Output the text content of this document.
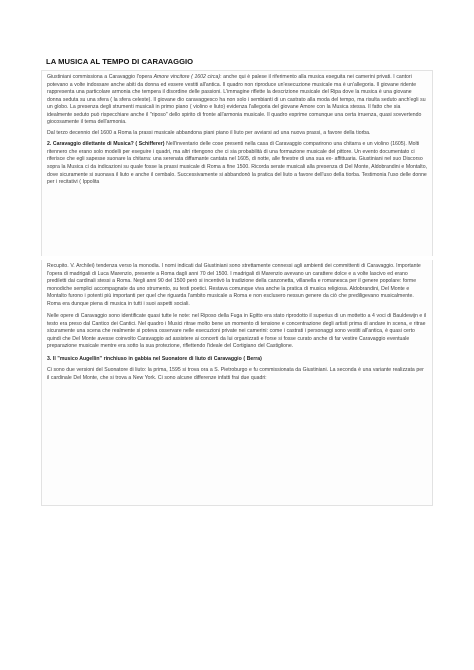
LA MUSICA AL TEMPO DI CARAVAGGIO

Giustiniani commissiona a Caravaggio l'opera Amore vincitore ( 1602 circa): anche qui è palese il riferimento alla musica eseguita nei camerini privati. I cantori potevano a volte indossare anche abiti da donna ed essere vestiti all'antica. Il quadro non riproduce un'esecuzione musicale ma è un'allegoria. Il giovane ridente rappresenta una particolare armonia che tempera il disordine delle passioni. L'immagine riflette la descrizione musicale del Ripa dove la musica è una giovane donna seduta su una sfera ( la sfera celeste). Il giovane dio caravaggesco ha non solo i sembianti di un castrato alla moda del tempo, ma risulta seduto anch'egli su un globo. La presenza degli strumenti musicali in primo piano ( violino e liuto) evidenza l'allegoria del giovane Amore con la Musica stessa. Il fatto che sia idealmente seduto può rispecchiare anche il "riposo" dello spirito di fronte all'armonia musicale. Il quadro esprime comunque una certa irruenza, quasi sovvertendo giocosamente il tema dell'armonia.

Dal terzo decennio del 1600 a Roma la prassi musicale abbandona piani piano il liuto per avviarsi ad una nuova prassi, a favore della tiorba.

2. Caravaggio dilettante di Musica? ( Schifferer) Nell'inventario delle cose presenti nella casa di Caravaggio comparirono una chitarra e un violino (1605). Molti ritennero che erano solo modelli per eseguire i quadri, ma altri ritengono che ci sia probabilità di una formazione musicale del pittore. Un evento documentato ci riferisce che egli sapesse suonare la chitarra: una serenata diffamante cantata nel 1605, di notte, alle finestre di una sua ex- affittuaria. Giustiniani nel suo Discorso sopra la Musica ci da indicazioni su quale fosse la prassi musicale di Roma a fine 1500. Ricorda serate musicali alla presenza di Del Monte, Aldobrandini e Montalto, dove sicuramente si suonava il liuto e anche il cembalo. Successivamente si abbandonò la pratica del liuto a favore dell'uso della tiorba. Testimonia l'uso delle donne per i recitativi ( Ippolita

Recupito. V. Archilei) tendenza verso la monodia. I nomi indicati dal Giustiniani sono strettamente connessi agli ambienti dei committenti di Caravaggio. Importante l'opera di madrigali di Luca Marenzio, presente a Roma dagli anni 70 del 1500. I madrigali di Marenzio avevano un carattere dolce e a volte lascivo ed erano prediletti dai cardinali stessi a Roma. Negli anni 90 del 1500 però si incentivò la tradizione della canzonetta, villanella e romanesca per il genere popolare: forme monodiche semplici accompagnate da uno strumento, su testi poetici. Restava comunque viva anche la pratica di musica religiosa. Aldobrandini, Del Monte e Montalto furono i potenti più importanti per quel che riguarda l'ambito musicale a Roma e non esclusero nessun genere da ciò che prediligevano musicalmente. Roma era dunque piena di musica in tutti i suoi aspetti sociali.

Nelle opere di Caravaggio sono identificate quasi tutte le note: nel Riposo della Fuga in Egitto era stato riprodotto il superius di un mottetto a 4 voci di Bauldewijn e il testo era preso dal Cantico dei Cantici. Nel quadro i Musici ritrae molto bene un momento di tensione e concentrazione degli artisti prima di andare in scena, e ritrae sicuramente una scena che realmente si poteva osservare nelle esecuzioni private nei camerini: come i castrati i personaggi sono vestiti all'antica, è quasi certo quindi che Del Monte avesse coinvolto Caravaggio ad assistere ai concerti da lui organizzati e forse si fosse curato anche di far vestire Caravaggio eventuale preparazione musicale mentre era sotto la sua protezione, riflettendo l'ideale del Cortigiano del Castiglione.

3. Il "musico Augellin" rinchiuso in gabbia nel Suonatore di liuto di Caravaggio ( Berra)

Ci sono due versioni del Suonatore di liuto: la prima, 1595 si trova ora a S. Pietroburgo e fu commissionata da Giustiniani. La seconda è una variante realizzata per il cardinale Del Monte, che si trova a New York. Ci sono alcune differenze infatti frai due quadri:
